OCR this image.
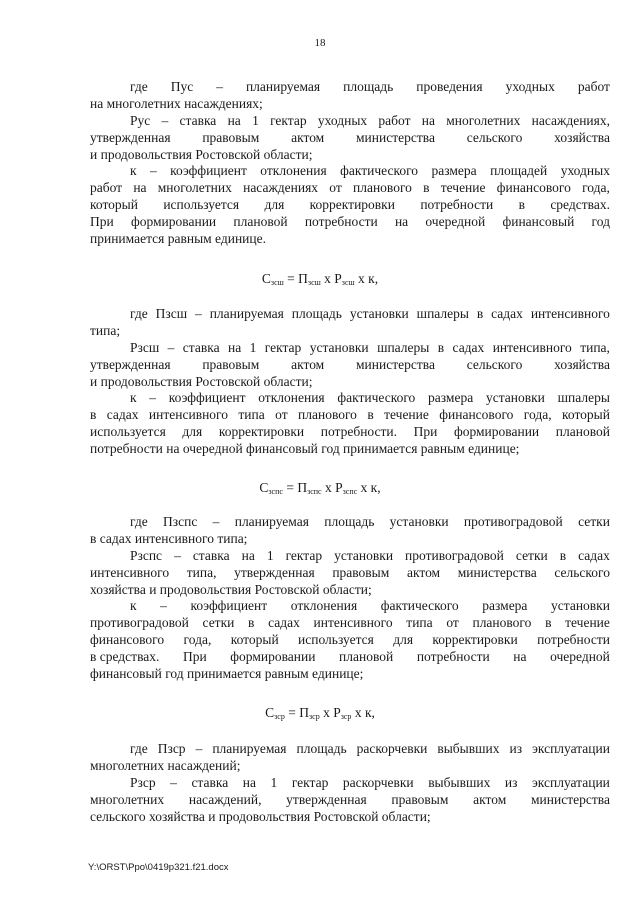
18
где Пус – планируемая площадь проведения уходных работ
на многолетних насаждениях;
Рус – ставка на 1 гектар уходных работ на многолетних насаждениях,
утвержденная правовым актом министерства сельского хозяйства
и продовольствия Ростовской области;
к – коэффициент отклонения фактического размера площадей уходных
работ на многолетних насаждениях от планового в течение финансового года,
который используется для корректировки потребности в средствах.
При формировании плановой потребности на очередной финансовый год
принимается равным единице.
$С_{зсш} = П_{зсш}$ х $Р_{зсш}$ х к,
где Пзсш – планируемая площадь установки шпалеры в садах интенсивного
типа;
Рзсш – ставка на 1 гектар установки шпалеры в садах интенсивного типа,
утвержденная правовым актом министерства сельского хозяйства
и продовольствия Ростовской области;
к – коэффициент отклонения фактического размера установки шпалеры
в садах интенсивного типа от планового в течение финансового года, который
используется для корректировки потребности. При формировании плановой
потребности на очередной финансовый год принимается равным единице;
$С_{зспс} = П_{зспс}$ х $Р_{зспс}$ х к,
где Пзспс – планируемая площадь установки противоградовой сетки
в садах интенсивного типа;
Рзспс – ставка на 1 гектар установки противоградовой сетки в садах
интенсивного типа, утвержденная правовым актом министерства сельского
хозяйства и продовольствия Ростовской области;
к – коэффициент отклонения фактического размера установки
противоградовой сетки в садах интенсивного типа от планового в течение
финансового года, который используется для корректировки потребности
в средствах. При формировании плановой потребности на очередной
финансовый год принимается равным единице;
$С_{зср} = П_{зср}$ х $Р_{зср}$ х к,
где Пзср – планируемая площадь раскорчевки выбывших из эксплуатации
многолетних насаждений;
Рзср – ставка на 1 гектар раскорчевки выбывших из эксплуатации
многолетних насаждений, утвержденная правовым актом министерства
сельского хозяйства и продовольствия Ростовской области;
Y:\ORST\Ppo\0419p321.f21.docx
